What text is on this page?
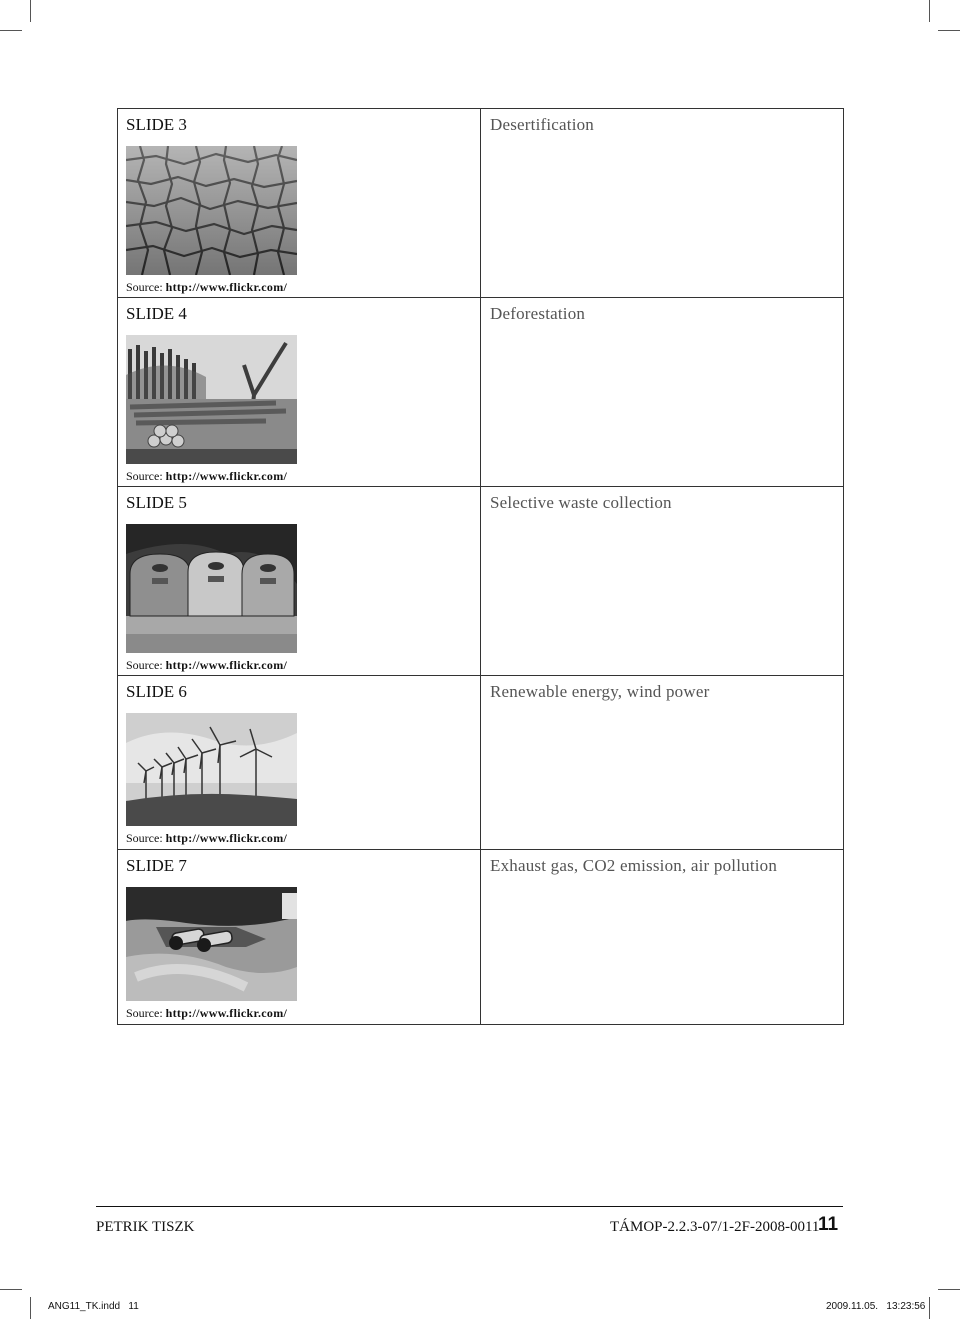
SLIDE 3
Source: http://www.flickr.com/	Desertification

SLIDE 4
Source: http://www.flickr.com/	Deforestation

SLIDE 5
Source: http://www.flickr.com/	Selective waste collection

SLIDE 6
Source: http://www.flickr.com/	Renewable energy, wind power

SLIDE 7
Source: http://www.flickr.com/	Exhaust gas, CO2 emission, air pollution
PETRIK TISZK	TÁMOP-2.2.3-07/1-2F-2008-0011
11
ANG11_TK.indd   11	2009.11.05.   13:23:56
